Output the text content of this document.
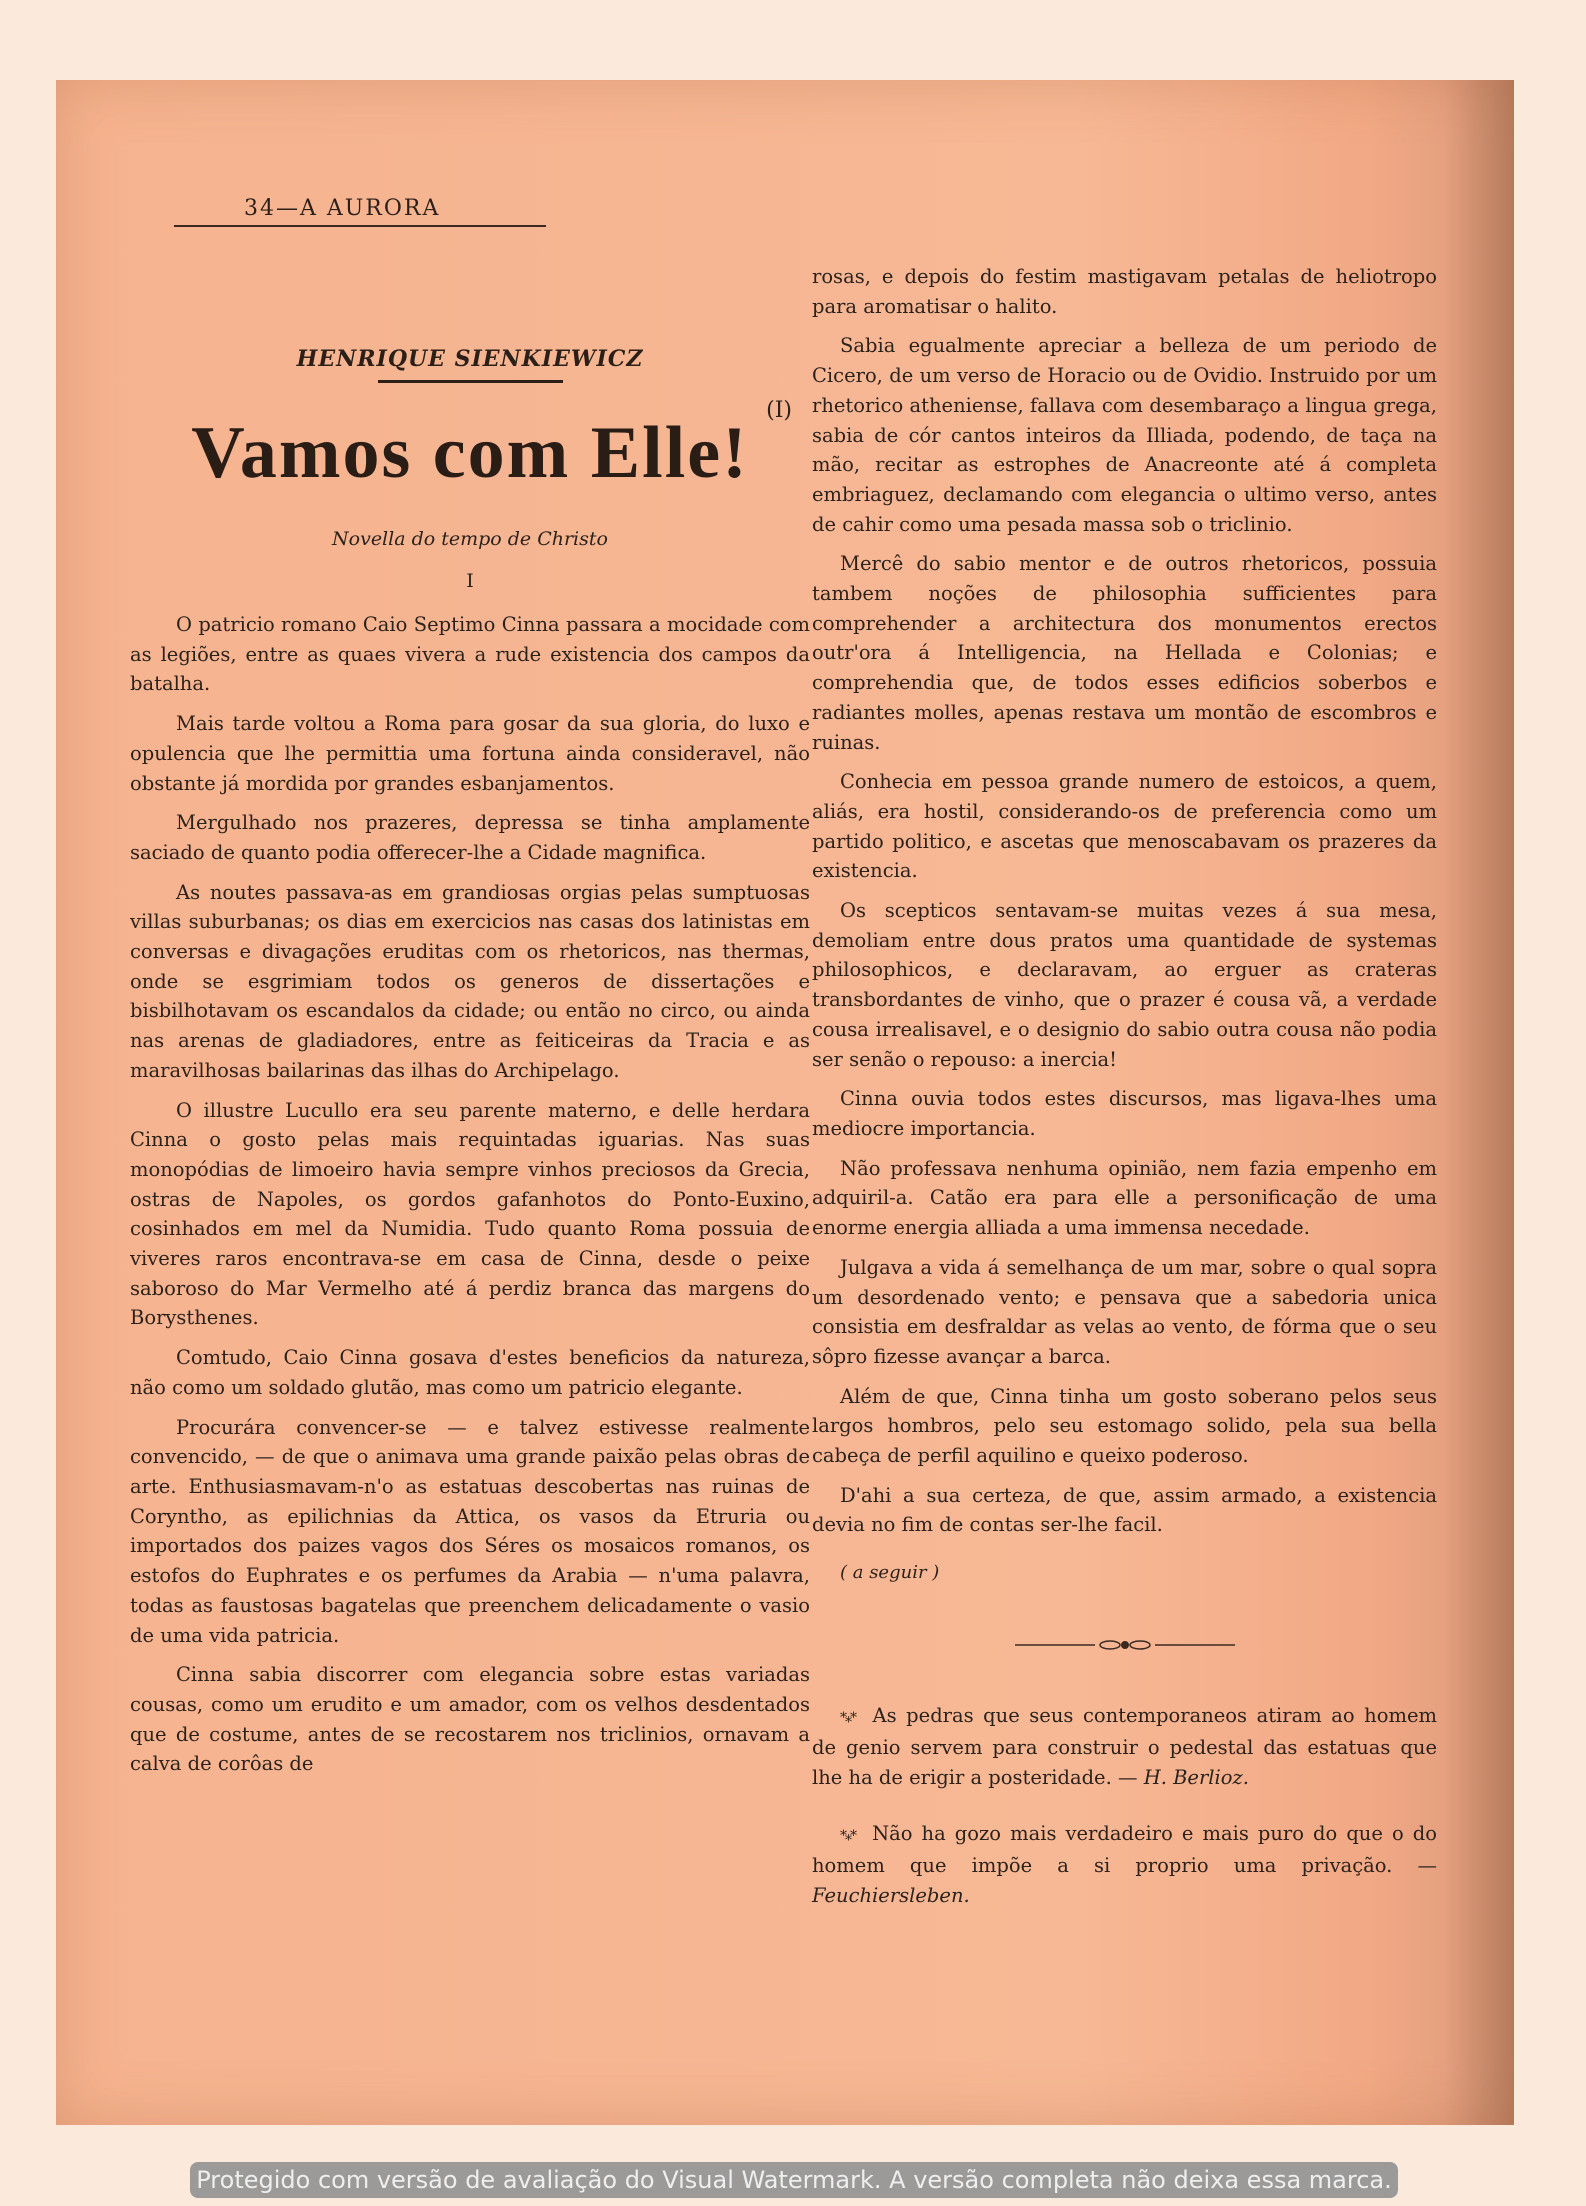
34—A AURORA
HENRIQUE SIENKIEWICZ
(I)
Vamos com Elle!
Novella do tempo de Christo
I

O patricio romano Caio Septimo Cinna passara a mocidade com as legiões, entre as quaes vivera a rude existencia dos campos da batalha.

Mais tarde voltou a Roma para gosar da sua gloria, do luxo e opulencia que lhe permittia uma fortuna ainda consideravel, não obstante já mordida por grandes esbanjamentos.

Mergulhado nos prazeres, depressa se tinha amplamente saciado de quanto podia offerecer-lhe a Cidade magnifica.

As noutes passava-as em grandiosas orgias pelas sumptuosas villas suburbanas; os dias em exercicios nas casas dos latinistas em conversas e divagações eruditas com os rhetoricos, nas thermas, onde se esgrimiam todos os generos de dissertações e bisbilhotavam os escandalos da cidade; ou então no circo, ou ainda nas arenas de gladiadores, entre as feiticeiras da Tracia e as maravilhosas bailarinas das ilhas do Archipelago.

O illustre Lucullo era seu parente materno, e delle herdara Cinna o gosto pelas mais requintadas iguarias. Nas suas monopódias de limoeiro havia sempre vinhos preciosos da Grecia, ostras de Napoles, os gordos gafanhotos do Ponto-Euxino, cosinhados em mel da Numidia. Tudo quanto Roma possuia de viveres raros encontrava-se em casa de Cinna, desde o peixe saboroso do Mar Vermelho até á perdiz branca das margens do Borysthenes.

Comtudo, Caio Cinna gosava d'estes beneficios da natureza, não como um soldado glutão, mas como um patricio elegante.

Procurára convencer-se — e talvez estivesse realmente convencido, — de que o animava uma grande paixão pelas obras de arte. Enthusiasmavam-n'o as estatuas descobertas nas ruinas de Corynthо, as epilichnias da Attica, os vasos da Etruria ou importados dos paizes vagos dos Séres os mosaicos romanos, os estofos do Euphrates e os perfumes da Arabia — n'uma palavra, todas as faustosas bagatelas que preenchem delicadamente o vasio de uma vida patricia.

Cinna sabia discorrer com elegancia sobre estas variadas cousas, como um erudito e um amador, com os velhos desdentados que de costume, antes de se recostarem nos triclinios, ornavam a calva de corôas de

rosas, e depois do festim mastigavam petalas de heliotropo para aromatisar o halito.

Sabia egualmente apreciar a belleza de um periodo de Cicero, de um verso de Horacio ou de Ovidio. Instruido por um rhetorico atheniense, fallava com desembaraço a lingua grega, sabia de cór cantos inteiros da Illiada, podendo, de taça na mão, recitar as estrophes de Anacreonte até á completa embriaguez, declamando com elegancia o ultimo verso, antes de cahir como uma pesada massa sob o triclinio.

Mercê do sabio mentor e de outros rhetoricos, possuia tambem noções de philosophia sufficientes para comprehender a architectura dos monumentos erectos outr'ora á Intelligencia, na Hellada e Colonias; e comprehendia que, de todos esses edificios soberbos e radiantes molles, apenas restava um montão de escombros e ruinas.

Conhecia em pessoa grande numero de estoicos, a quem, aliás, era hostil, considerando-os de preferencia como um partido politico, e ascetas que menoscabavam os prazeres da existencia.

Os scepticos sentavam-se muitas vezes á sua mesa, demoliam entre dous pratos uma quantidade de systemas philosophicos, e declaravam, ao erguer as crateras transbordantes de vinho, que o prazer é cousa vã, a verdade cousa irrealisavel, e o designio do sabio outra cousa não podia ser senão o repouso: a inercia!

Cinna ouvia todos estes discursos, mas ligava-lhes uma mediocre importancia.

Não professava nenhuma opinião, nem fazia empenho em adquiril-a. Catão era para elle a personificação de uma enorme energia alliada a uma immensa necedade.

Julgava a vida á semelhança de um mar, sobre o qual sopra um desordenado vento; e pensava que a sabedoria unica consistia em desfraldar as velas ao vento, de fórma que o seu sôpro fizesse avançar a barca.

Além de que, Cinna tinha um gosto soberano pelos seus largos hombros, pelo seu estomago solido, pela sua bella cabeça de perfil aquilino e queixo poderoso.

D'ahi a sua certeza, de que, assim armado, a existencia devia no fim de contas ser-lhe facil.

( a seguir )

*⁎* As pedras que seus contemporaneos atiram ao homem de genio servem para construir o pedestal das estatuas que lhe ha de erigir a posteridade. — H. Berlioz.

*⁎* Não ha gozo mais verdadeiro e mais puro do que o do homem que impõe a si proprio uma privação. — Feuchiersleben.

Protegido com versão de avaliação do Visual Watermark. A versão completa não deixa essa marca.
